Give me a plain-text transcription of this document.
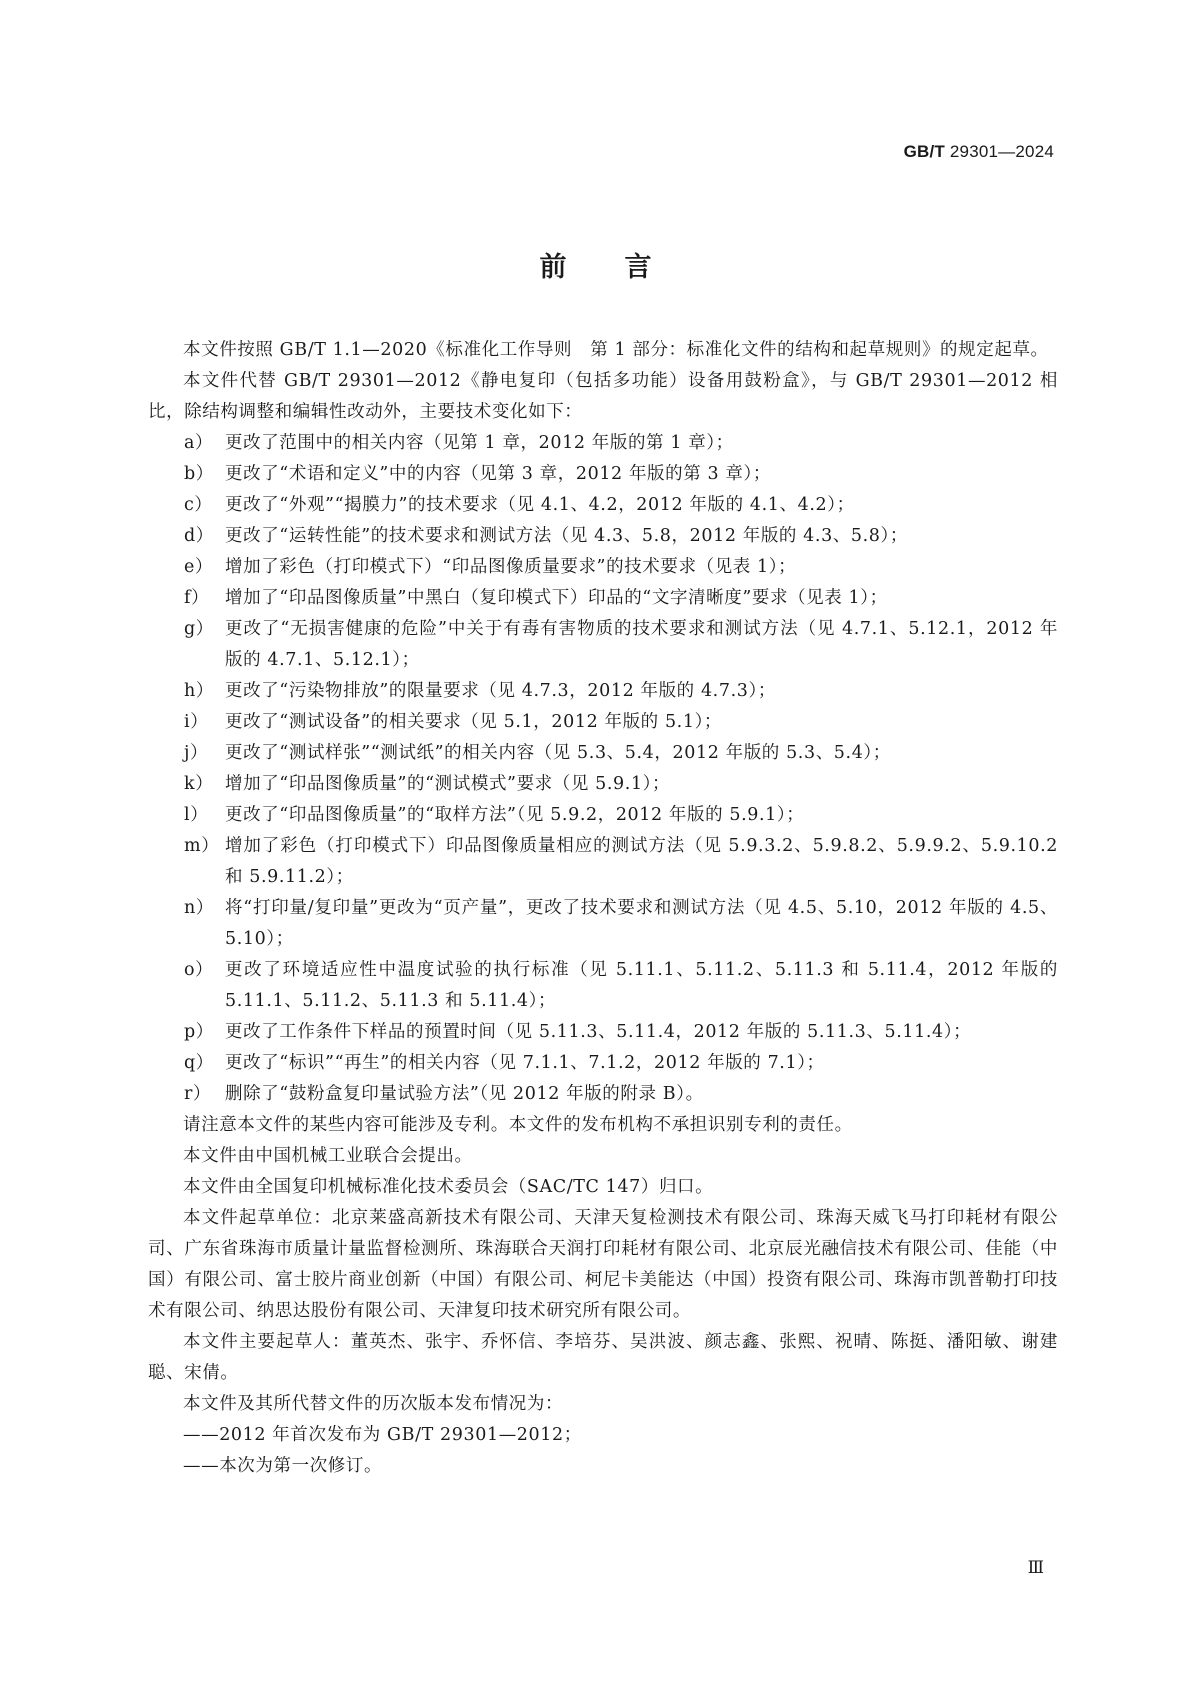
GB/T 29301—2024
前言

本文件按照 GB/T 1.1—2020《标准化工作导则　第 1 部分：标准化文件的结构和起草规则》的规定起草。

本文件代替 GB/T 29301—2012《静电复印（包括多功能）设备用鼓粉盒》，与 GB/T 29301—2012 相比，除结构调整和编辑性改动外，主要技术变化如下：

a） 更改了范围中的相关内容（见第 1 章，2012 年版的第 1 章）；
b） 更改了“术语和定义”中的内容（见第 3 章，2012 年版的第 3 章）；
c） 更改了“外观”“揭膜力”的技术要求（见 4.1、4.2，2012 年版的 4.1、4.2）；
d） 更改了“运转性能”的技术要求和测试方法（见 4.3、5.8，2012 年版的 4.3、5.8）；
e） 增加了彩色（打印模式下）“印品图像质量要求”的技术要求（见表 1）；
f） 增加了“印品图像质量”中黑白（复印模式下）印品的“文字清晰度”要求（见表 1）；
g） 更改了“无损害健康的危险”中关于有毒有害物质的技术要求和测试方法（见 4.7.1、5.12.1，2012 年版的 4.7.1、5.12.1）；
h） 更改了“污染物排放”的限量要求（见 4.7.3，2012 年版的 4.7.3）；
i） 更改了“测试设备”的相关要求（见 5.1，2012 年版的 5.1）；
j） 更改了“测试样张”“测试纸”的相关内容（见 5.3、5.4，2012 年版的 5.3、5.4）；
k） 增加了“印品图像质量”的“测试模式”要求（见 5.9.1）；
l） 更改了“印品图像质量”的“取样方法”（见 5.9.2，2012 年版的 5.9.1）；
m） 增加了彩色（打印模式下）印品图像质量相应的测试方法（见 5.9.3.2、5.9.8.2、5.9.9.2、5.9.10.2 和 5.9.11.2）；
n） 将“打印量/复印量”更改为“页产量”，更改了技术要求和测试方法（见 4.5、5.10，2012 年版的 4.5、5.10）；
o） 更改了环境适应性中温度试验的执行标准（见 5.11.1、5.11.2、5.11.3 和 5.11.4，2012 年版的 5.11.1、5.11.2、5.11.3 和 5.11.4）；
p） 更改了工作条件下样品的预置时间（见 5.11.3、5.11.4，2012 年版的 5.11.3、5.11.4）；
q） 更改了“标识”“再生”的相关内容（见 7.1.1、7.1.2，2012 年版的 7.1）；
r） 删除了“鼓粉盒复印量试验方法”（见 2012 年版的附录 B）。

请注意本文件的某些内容可能涉及专利。本文件的发布机构不承担识别专利的责任。

本文件由中国机械工业联合会提出。

本文件由全国复印机械标准化技术委员会（SAC/TC 147）归口。

本文件起草单位：北京莱盛高新技术有限公司、天津天复检测技术有限公司、珠海天威飞马打印耗材有限公司、广东省珠海市质量计量监督检测所、珠海联合天润打印耗材有限公司、北京辰光融信技术有限公司、佳能（中国）有限公司、富士胶片商业创新（中国）有限公司、柯尼卡美能达（中国）投资有限公司、珠海市凯普勒打印技术有限公司、纳思达股份有限公司、天津复印技术研究所有限公司。

本文件主要起草人：董英杰、张宇、乔怀信、李培芬、吴洪波、颜志鑫、张熙、祝晴、陈挺、潘阳敏、谢建聪、宋倩。

本文件及其所代替文件的历次版本发布情况为：

——2012 年首次发布为 GB/T 29301—2012；

——本次为第一次修订。

Ⅲ
